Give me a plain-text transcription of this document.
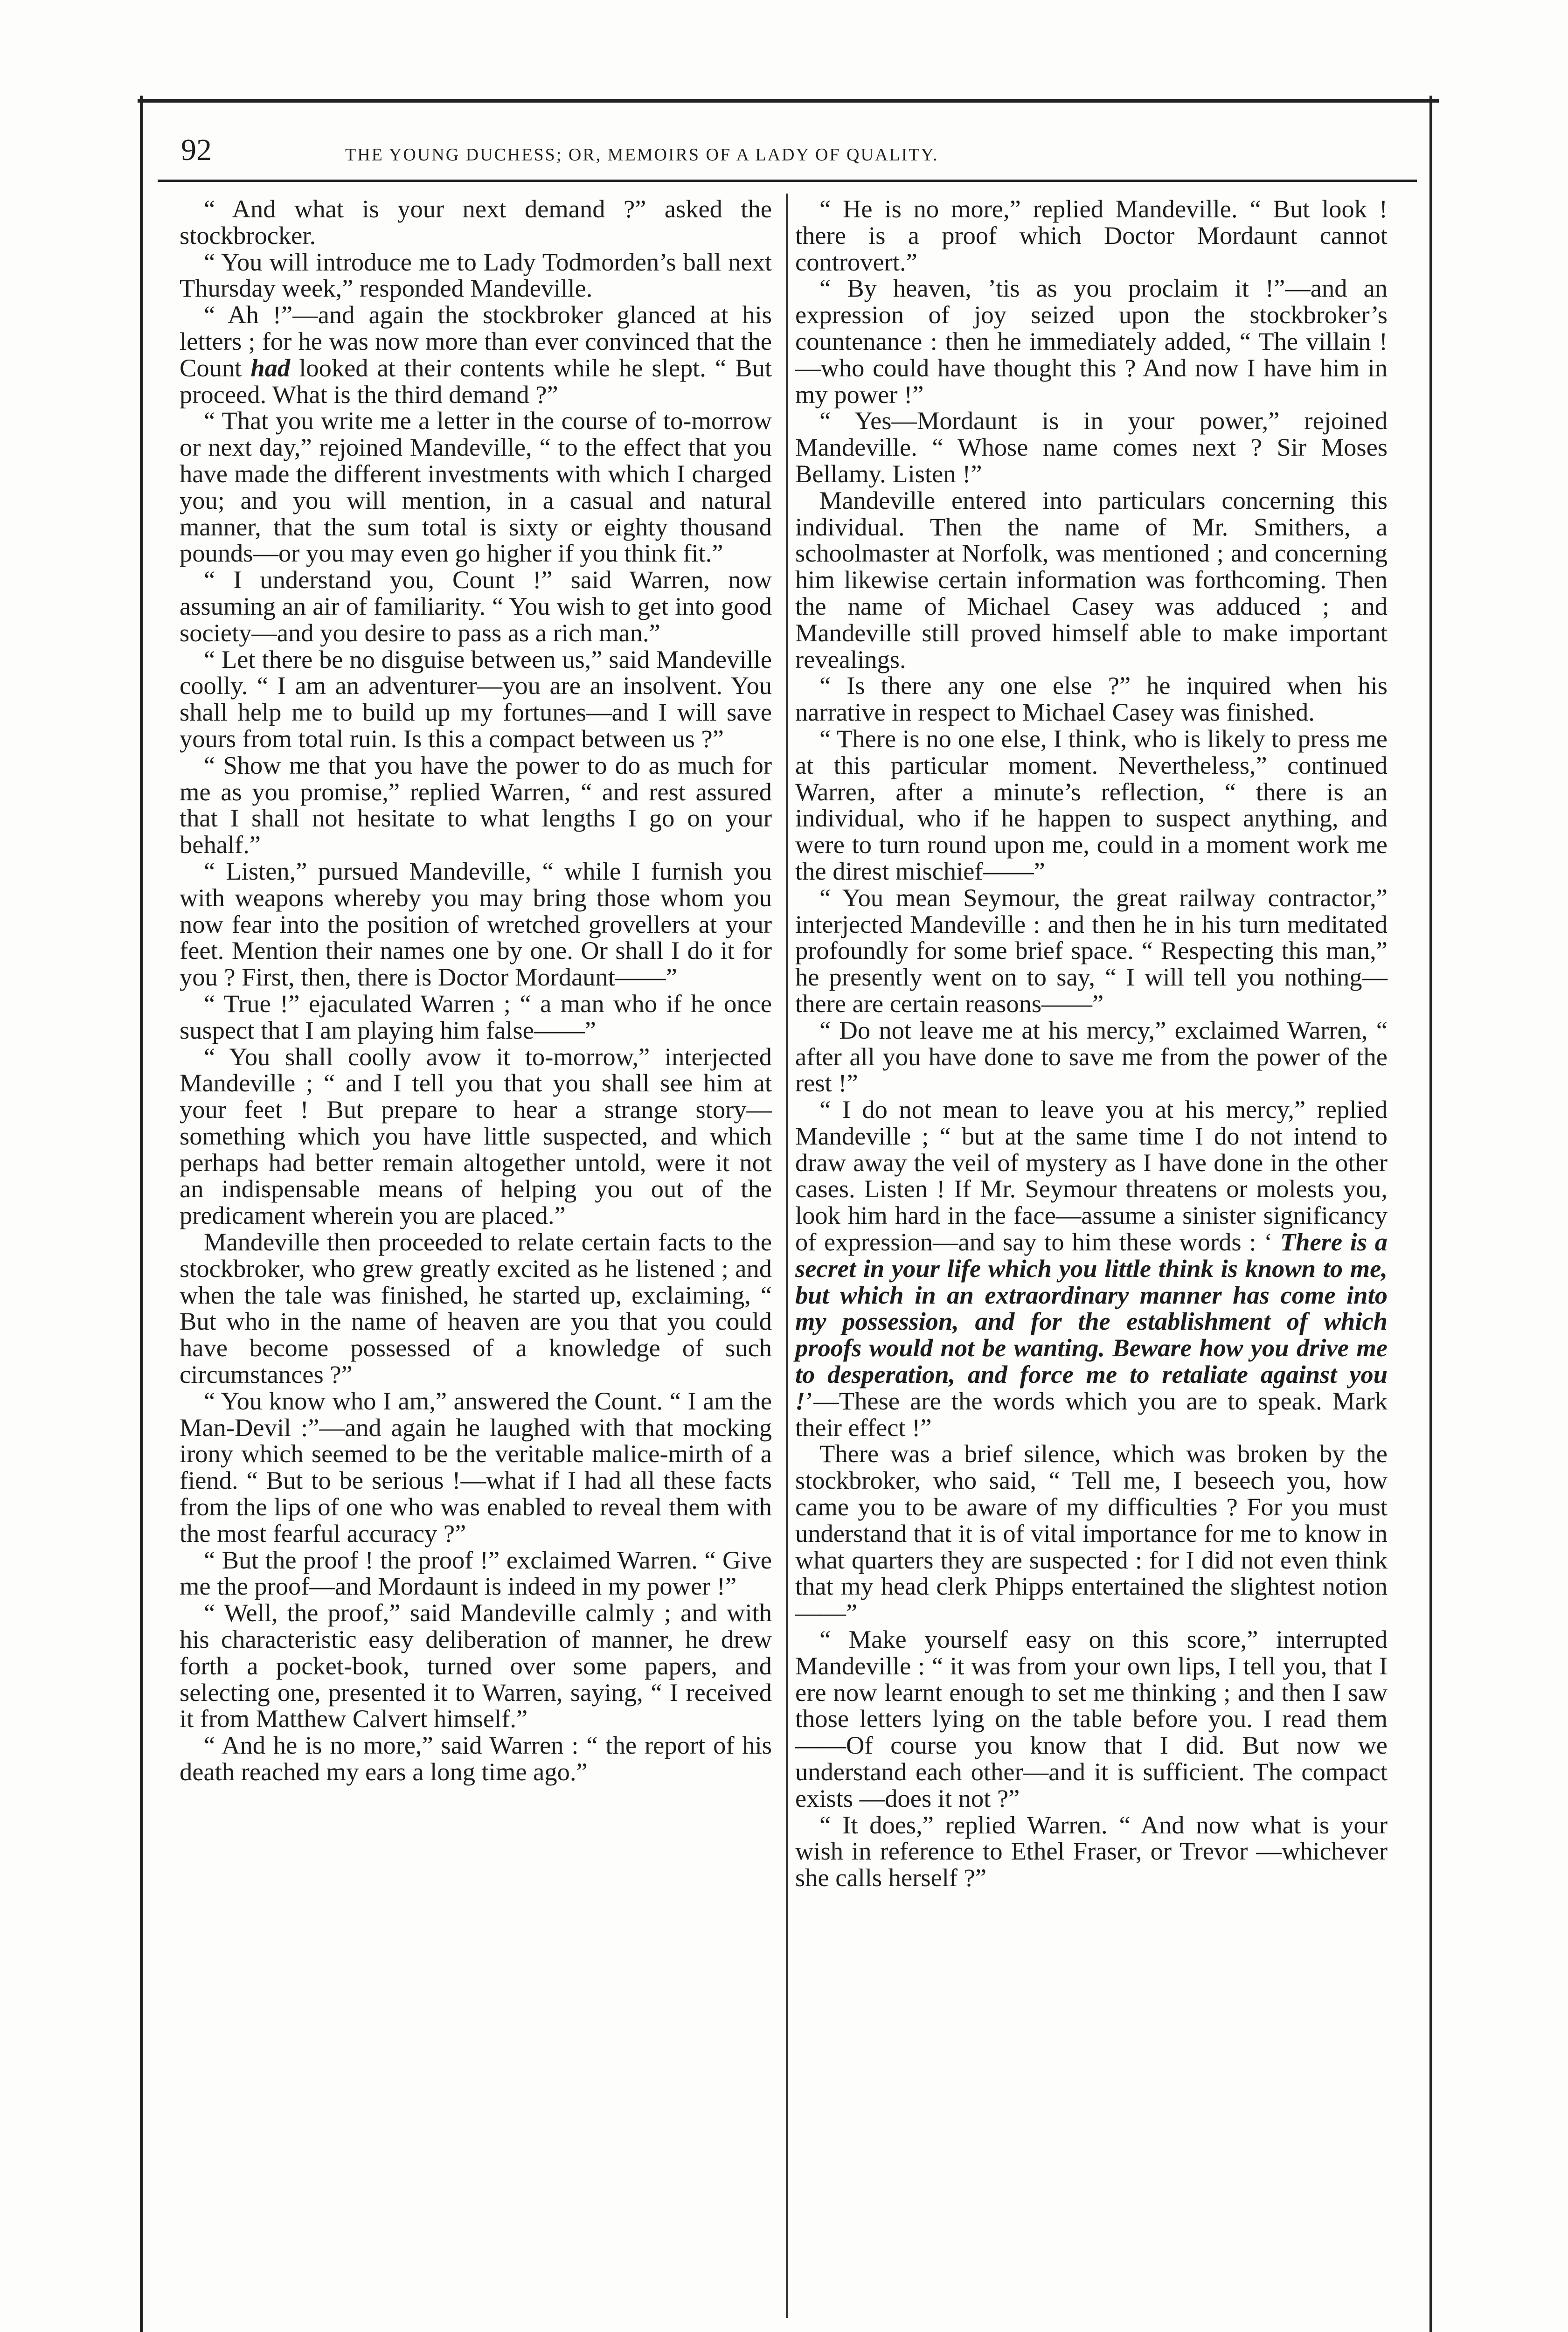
92	THE YOUNG DUCHESS; OR, MEMOIRS OF A LADY OF QUALITY.

“ And what is your next demand ?” asked the stockbrocker.

“ You will introduce me to Lady Todmorden’s ball next Thursday week,” responded Mandeville.

“ Ah !”—and again the stockbroker glanced at his letters ; for he was now more than ever convinced that the Count had looked at their contents while he slept. “ But proceed. What is the third demand ?”

“ That you write me a letter in the course of to-morrow or next day,” rejoined Mandeville, “ to the effect that you have made the different investments with which I charged you; and you will mention, in a casual and natural manner, that the sum total is sixty or eighty thousand pounds—or you may even go higher if you think fit.”

“ I understand you, Count !” said Warren, now assuming an air of familiarity. “ You wish to get into good society—and you desire to pass as a rich man.”

“ Let there be no disguise between us,” said Mandeville coolly. “ I am an adventurer—you are an insolvent. You shall help me to build up my fortunes—and I will save yours from total ruin. Is this a compact between us ?”

“ Show me that you have the power to do as much for me as you promise,” replied Warren, “ and rest assured that I shall not hesitate to what lengths I go on your behalf.”

“ Listen,” pursued Mandeville, “ while I furnish you with weapons whereby you may bring those whom you now fear into the position of wretched grovellers at your feet. Mention their names one by one. Or shall I do it for you ? First, then, there is Doctor Mordaunt——”

“ True !” ejaculated Warren ; “ a man who if he once suspect that I am playing him false——”

“ You shall coolly avow it to-morrow,” interjected Mandeville ; “ and I tell you that you shall see him at your feet ! But prepare to hear a strange story—something which you have little suspected, and which perhaps had better remain altogether untold, were it not an indispensable means of helping you out of the predicament wherein you are placed.”

Mandeville then proceeded to relate certain facts to the stockbroker, who grew greatly excited as he listened ; and when the tale was finished, he started up, exclaiming, “ But who in the name of heaven are you that you could have become possessed of a knowledge of such circumstances ?”

“ You know who I am,” answered the Count. “ I am the Man-Devil :”—and again he laughed with that mocking irony which seemed to be the veritable malice-mirth of a fiend. “ But to be serious !—what if I had all these facts from the lips of one who was enabled to reveal them with the most fearful accuracy ?”

“ But the proof ! the proof !” exclaimed Warren. “ Give me the proof—and Mordaunt is indeed in my power !”

“ Well, the proof,” said Mandeville calmly ; and with his characteristic easy deliberation of manner, he drew forth a pocket-book, turned over some papers, and selecting one, presented it to Warren, saying, “ I received it from Matthew Calvert himself.”

“ And he is no more,” said Warren : “ the report of his death reached my ears a long time ago.”

“ He is no more,” replied Mandeville. “ But look ! there is a proof which Doctor Mordaunt cannot controvert.”

“ By heaven, ’tis as you proclaim it !”—and an expression of joy seized upon the stockbroker’s countenance : then he immediately added, “ The villain !—who could have thought this ? And now I have him in my power !”

“ Yes—Mordaunt is in your power,” rejoined Mandeville. “ Whose name comes next ? Sir Moses Bellamy. Listen !”

Mandeville entered into particulars concerning this individual. Then the name of Mr. Smithers, a schoolmaster at Norfolk, was mentioned ; and concerning him likewise certain information was forthcoming. Then the name of Michael Casey was adduced ; and Mandeville still proved himself able to make important revealings.

“ Is there any one else ?” he inquired when his narrative in respect to Michael Casey was finished.

“ There is no one else, I think, who is likely to press me at this particular moment. Nevertheless,” continued Warren, after a minute’s reflection, “ there is an individual, who if he happen to suspect anything, and were to turn round upon me, could in a moment work me the direst mischief——”

“ You mean Seymour, the great railway contractor,” interjected Mandeville : and then he in his turn meditated profoundly for some brief space. “ Respecting this man,” he presently went on to say, “ I will tell you nothing—there are certain reasons——”

“ Do not leave me at his mercy,” exclaimed Warren, “ after all you have done to save me from the power of the rest !”

“ I do not mean to leave you at his mercy,” replied Mandeville ; “ but at the same time I do not intend to draw away the veil of mystery as I have done in the other cases. Listen ! If Mr. Seymour threatens or molests you, look him hard in the face—assume a sinister significancy of expression—and say to him these words : ‘ There is a secret in your life which you little think is known to me, but which in an extraordinary manner has come into my possession, and for the establishment of which proofs would not be wanting. Beware how you drive me to desperation, and force me to retaliate against you !’—These are the words which you are to speak. Mark their effect !”

There was a brief silence, which was broken by the stockbroker, who said, “ Tell me, I beseech you, how came you to be aware of my difficulties ? For you must understand that it is of vital importance for me to know in what quarters they are suspected : for I did not even think that my head clerk Phipps entertained the slightest notion——”

“ Make yourself easy on this score,” interrupted Mandeville : “ it was from your own lips, I tell you, that I ere now learnt enough to set me thinking ; and then I saw those letters lying on the table before you. I read them——Of course you know that I did. But now we understand each other—and it is sufficient. The compact exists —does it not ?”

“ It does,” replied Warren. “ And now what is your wish in reference to Ethel Fraser, or Trevor —whichever she calls herself ?”
